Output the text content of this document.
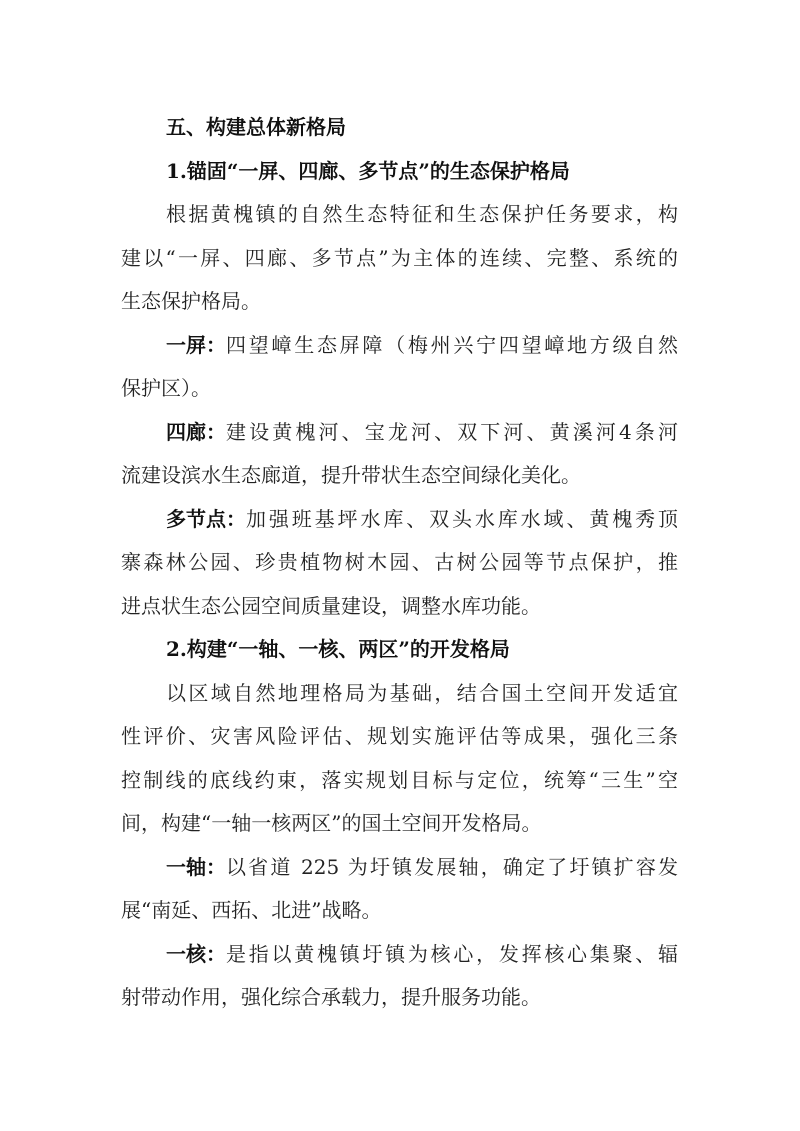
五、构建总体新格局
1.锚固“一屏、四廊、多节点”的生态保护格局
根据黄槐镇的自然生态特征和生态保护任务要求，构
建以“一屏、四廊、多节点”为主体的连续、完整、系统的
生态保护格局。
一屏： 四望嶂生态屏障（梅州兴宁四望嶂地方级自然
保护区）。
四廊： 建设黄槐河、宝龙河、双下河、黄溪河4条河
流建设滨水生态廊道，提升带状生态空间绿化美化。
多节点： 加强班基坪水库、双头水库水域、黄槐秀顶
寨森林公园、珍贵植物树木园、古树公园等节点保护，推
进点状生态公园空间质量建设，调整水库功能。
2.构建“一轴、一核、两区”的开发格局
以区域自然地理格局为基础，结合国土空间开发适宜
性评价、灾害风险评估、规划实施评估等成果，强化三条
控制线的底线约束，落实规划目标与定位，统筹“三生”空
间，构建“一轴一核两区”的国土空间开发格局。
一轴： 以省道 225 为圩镇发展轴，确定了圩镇扩容发
展“南延、西拓、北进”战略。
一核： 是指以黄槐镇圩镇为核心，发挥核心集聚、辐
射带动作用，强化综合承载力，提升服务功能。
